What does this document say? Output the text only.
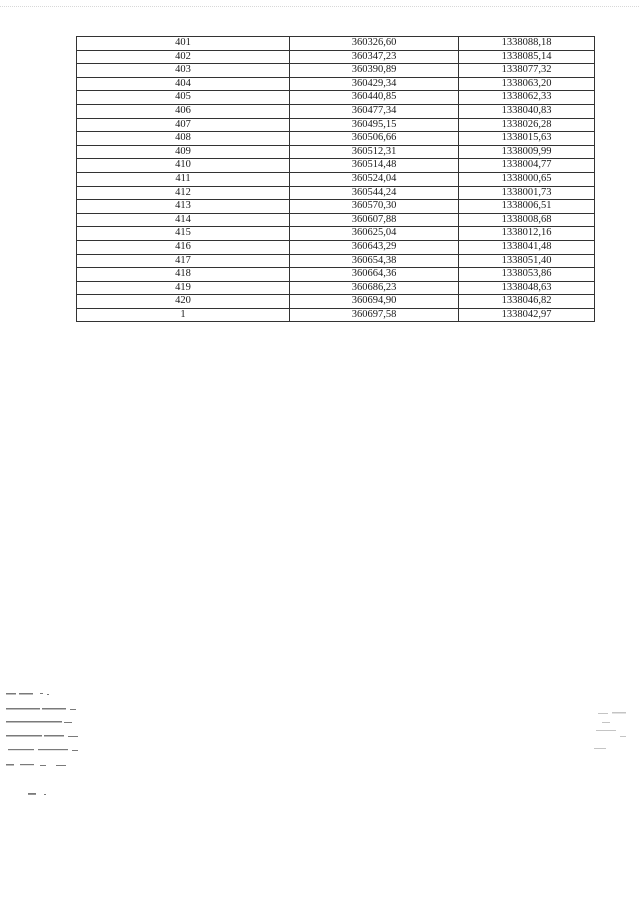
401	360326,60	1338088,18
402	360347,23	1338085,14
403	360390,89	1338077,32
404	360429,34	1338063,20
405	360440,85	1338062,33
406	360477,34	1338040,83
407	360495,15	1338026,28
408	360506,66	1338015,63
409	360512,31	1338009,99
410	360514,48	1338004,77
411	360524,04	1338000,65
412	360544,24	1338001,73
413	360570,30	1338006,51
414	360607,88	1338008,68
415	360625,04	1338012,16
416	360643,29	1338041,48
417	360654,38	1338051,40
418	360664,36	1338053,86
419	360686,23	1338048,63
420	360694,90	1338046,82
1	360697,58	1338042,97
